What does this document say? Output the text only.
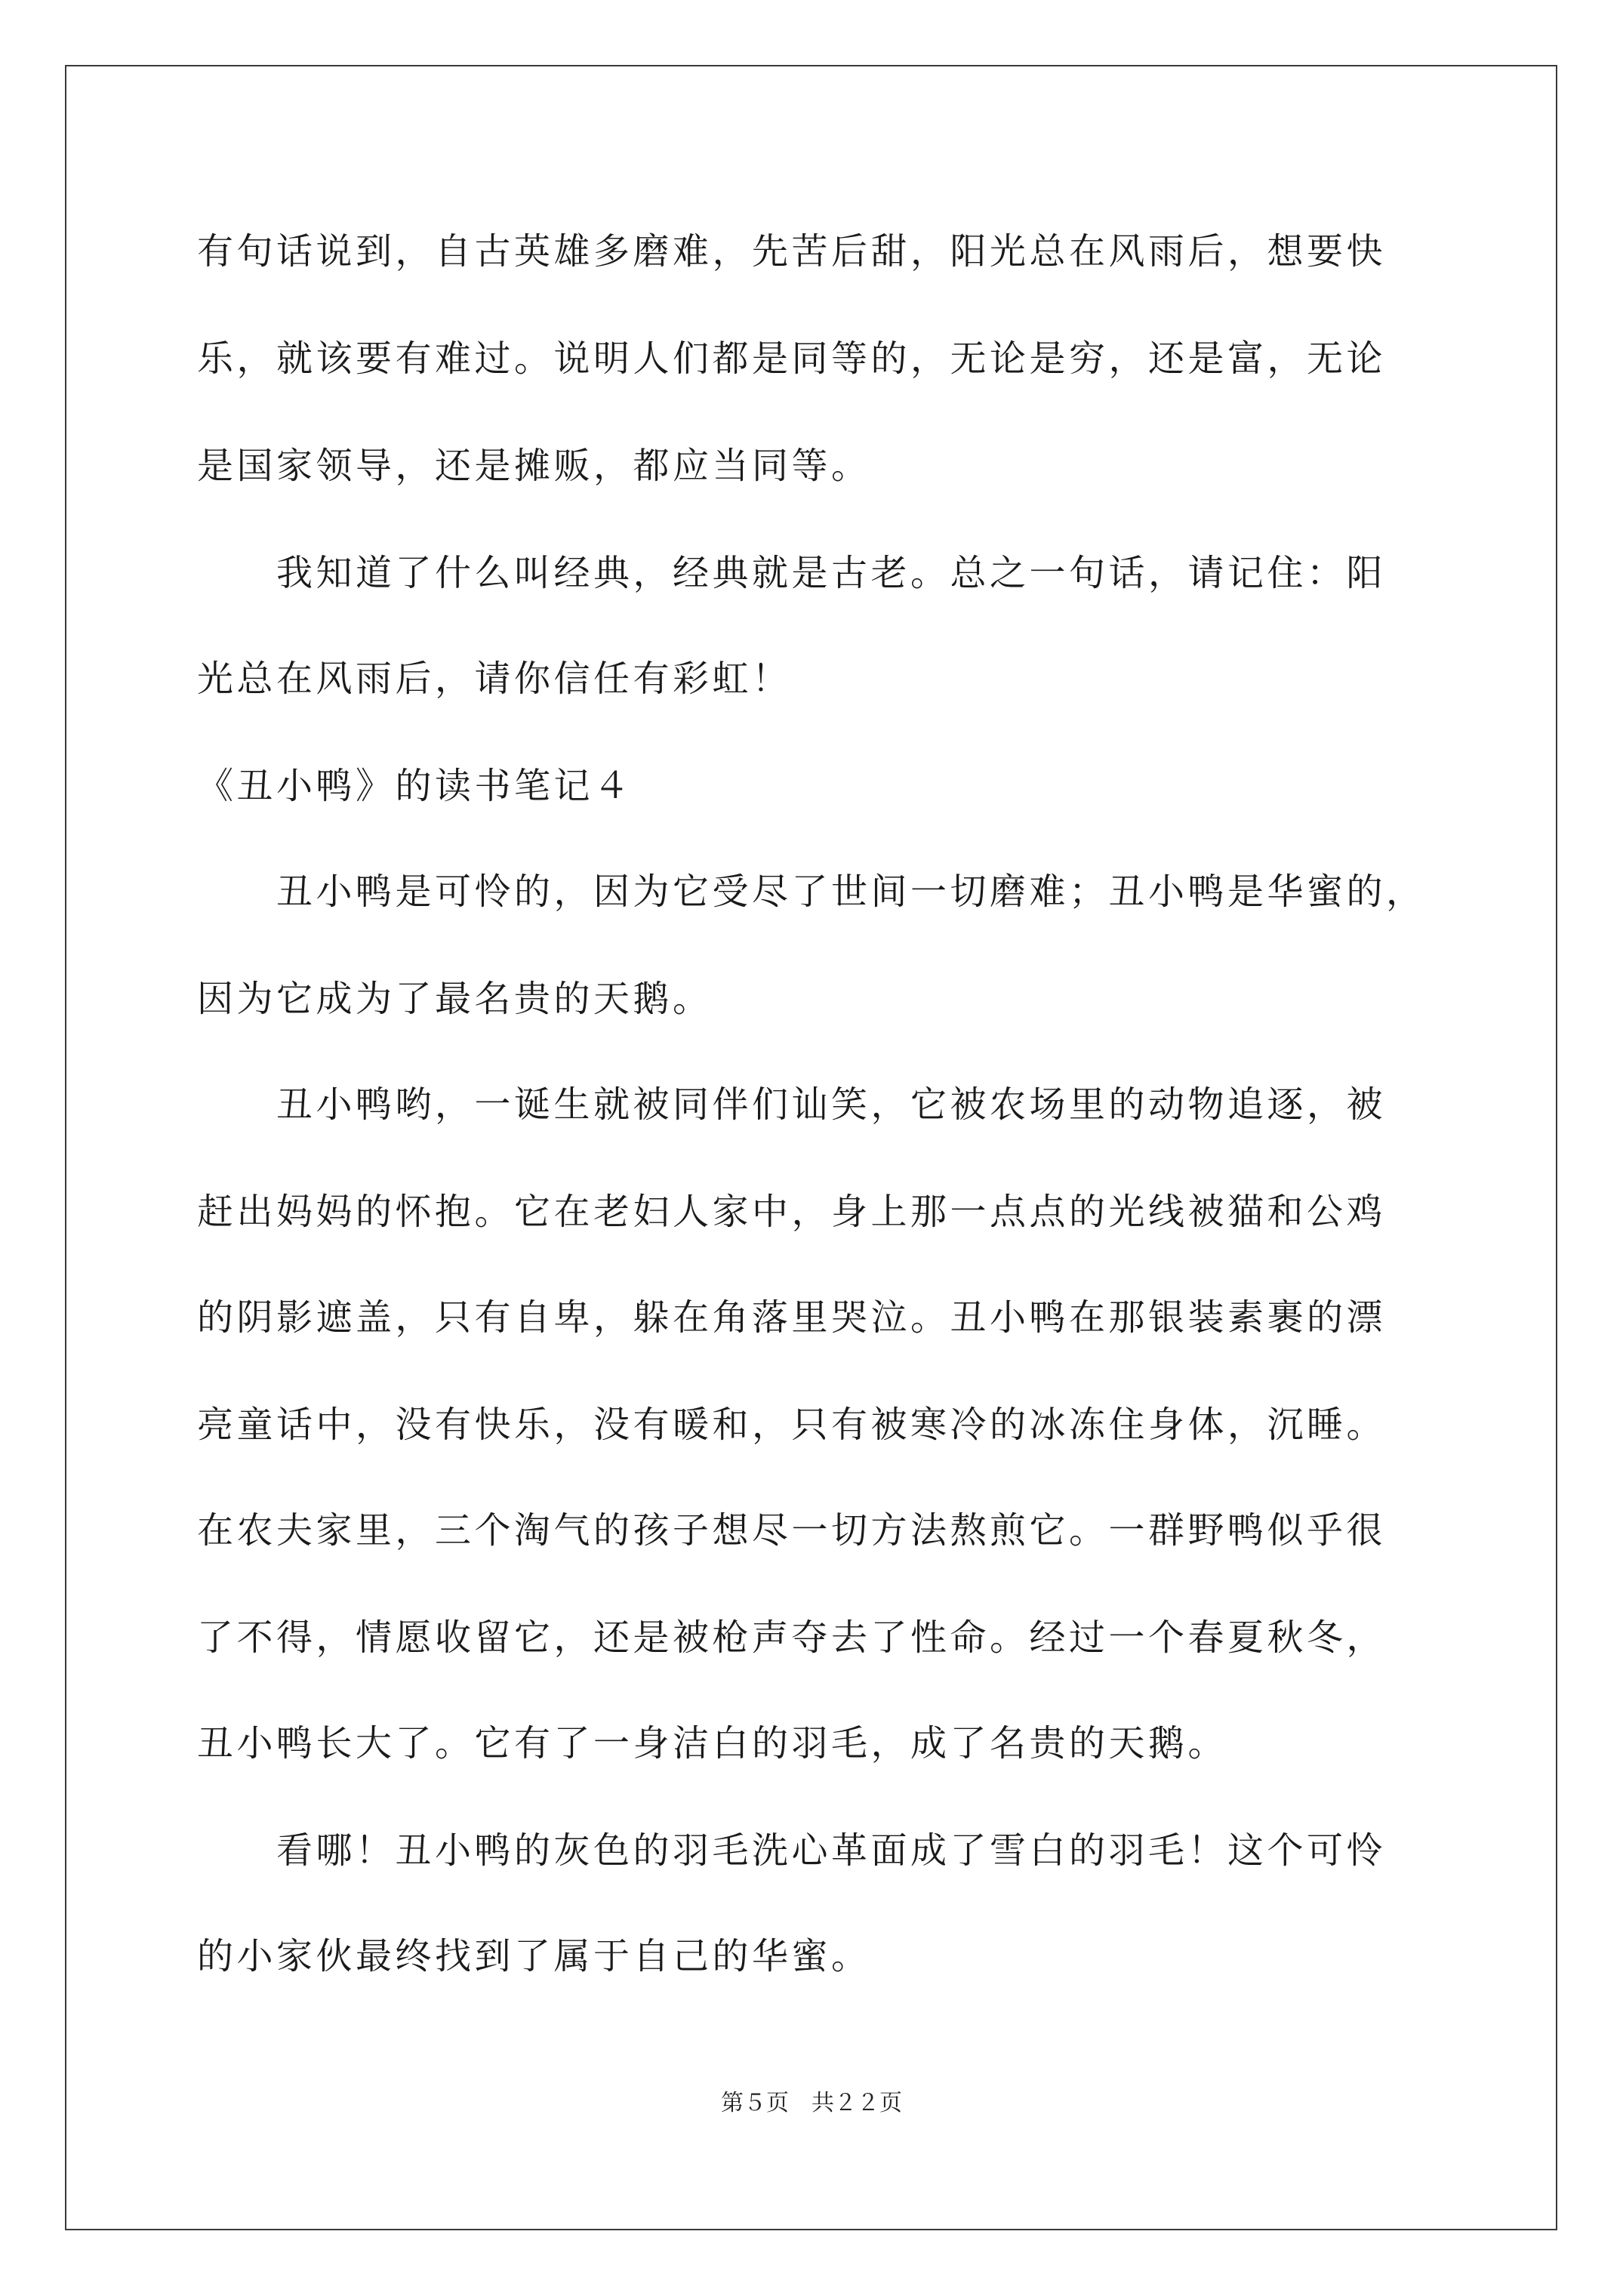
有句话说到，自古英雄多磨难，先苦后甜，阳光总在风雨后，想要快

乐，就该要有难过。说明人们都是同等的，无论是穷，还是富，无论

是国家领导，还是摊贩，都应当同等。

　　我知道了什么叫经典，经典就是古老。总之一句话，请记住：阳

光总在风雨后，请你信任有彩虹！

《丑小鸭》的读书笔记４

　　丑小鸭是可怜的，因为它受尽了世间一切磨难；丑小鸭是华蜜的，

因为它成为了最名贵的天鹅。

　　丑小鸭哟，一诞生就被同伴们讪笑，它被农场里的动物追逐，被

赶出妈妈的怀抱。它在老妇人家中，身上那一点点的光线被猫和公鸡

的阴影遮盖，只有自卑，躲在角落里哭泣。丑小鸭在那银装素裹的漂

亮童话中，没有快乐，没有暖和，只有被寒冷的冰冻住身体，沉睡。

在农夫家里，三个淘气的孩子想尽一切方法熬煎它。一群野鸭似乎很

了不得，情愿收留它，还是被枪声夺去了性命。经过一个春夏秋冬，

丑小鸭长大了。它有了一身洁白的羽毛，成了名贵的天鹅。

　　看哪！丑小鸭的灰色的羽毛洗心革面成了雪白的羽毛！这个可怜

的小家伙最终找到了属于自己的华蜜。

第５页　共２２页
